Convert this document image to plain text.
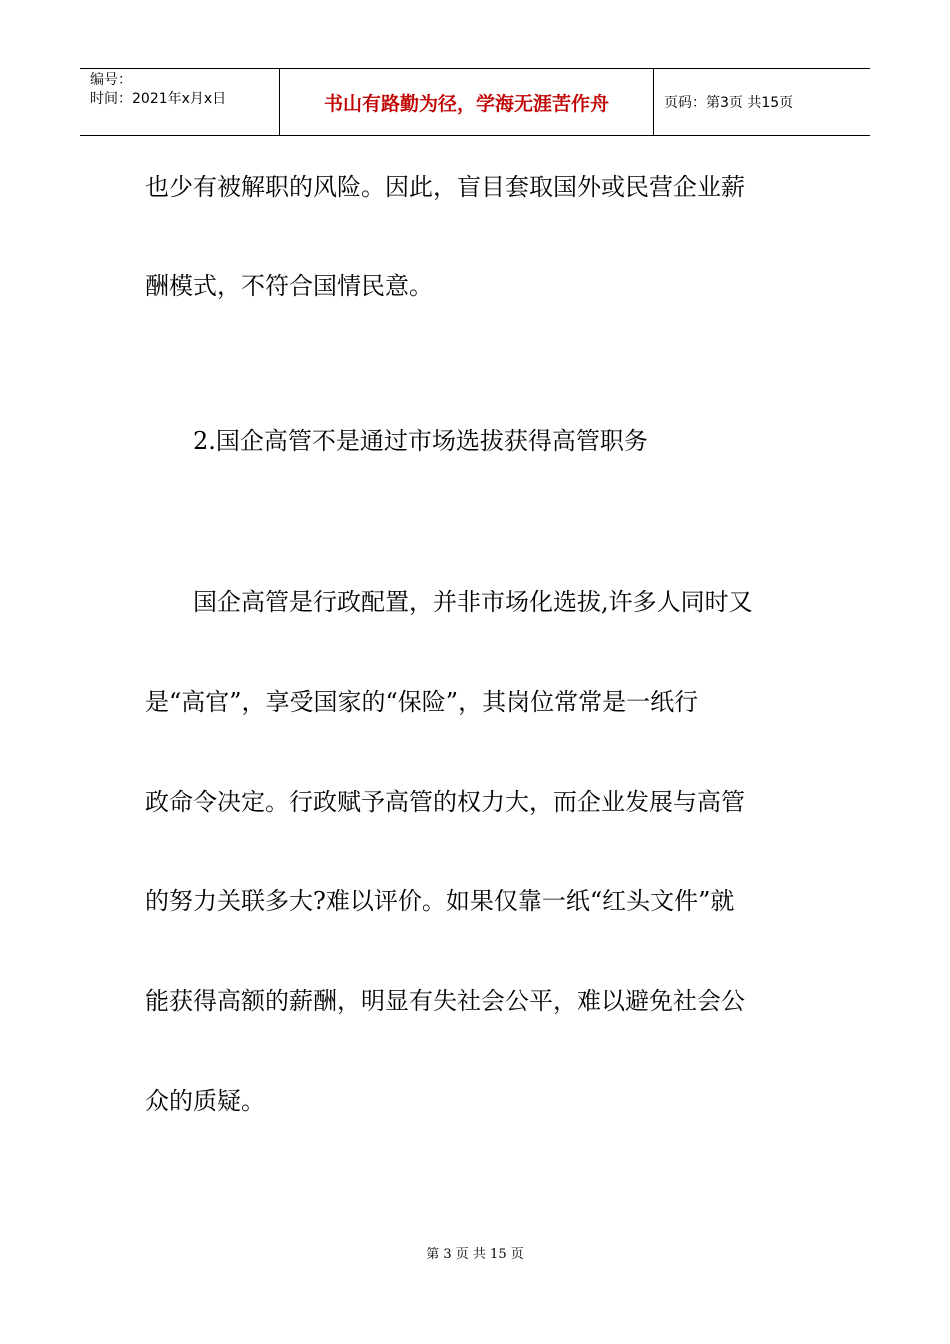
编号：
时间：2021年x月x日	书山有路勤为径，学海无涯苦作舟	页码：第3页 共15页
也少有被解职的风险。因此，盲目套取国外或民营企业薪
酬模式，不符合国情民意。
2.国企高管不是通过市场选拔获得高管职务
国企高管是行政配置，并非市场化选拔,许多人同时又
是“高官”，享受国家的“保险”，其岗位常常是一纸行
政命令决定。行政赋予高管的权力大，而企业发展与高管
的努力关联多大?难以评价。如果仅靠一纸“红头文件”就
能获得高额的薪酬，明显有失社会公平，难以避免社会公
众的质疑。
第 3 页 共 15 页
